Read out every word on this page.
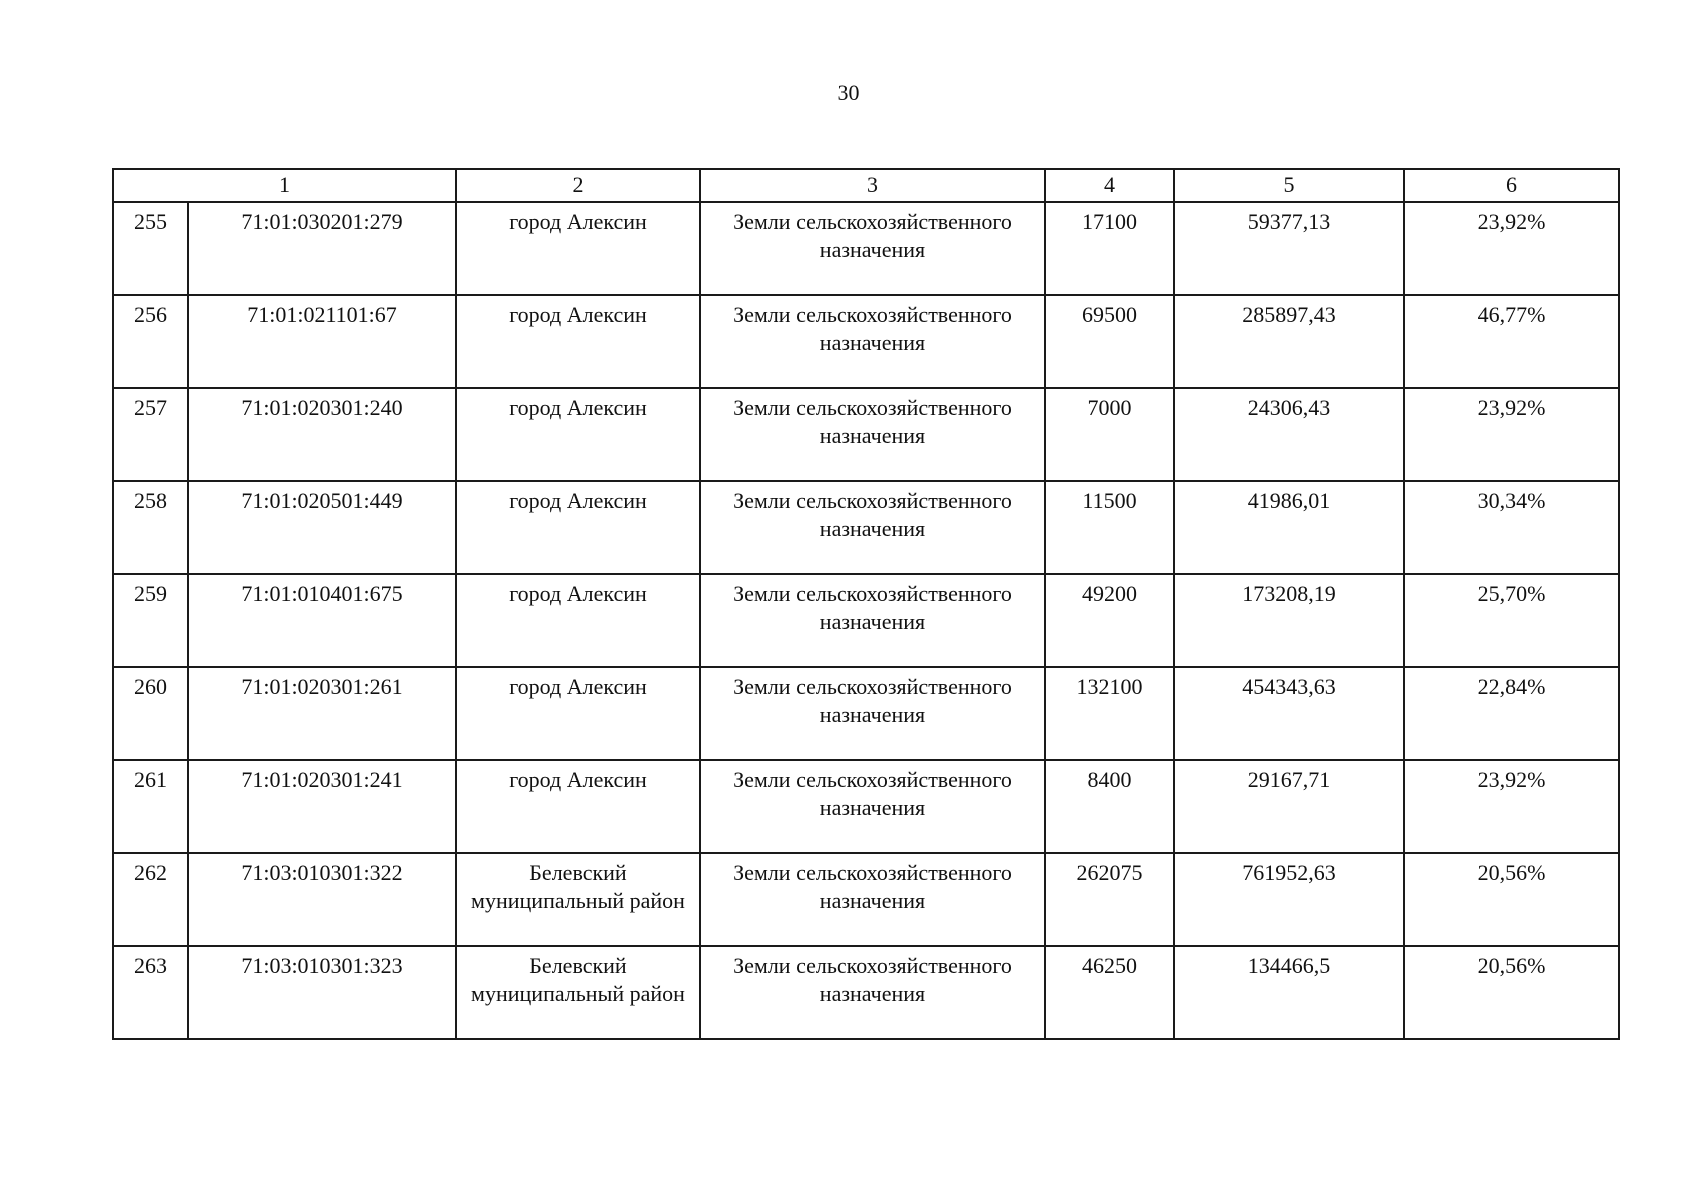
30
1		2	3	4	5	6
255	71:01:030201:279	город Алексин	Земли сельскохозяйственного назначения	17100	59377,13	23,92%
256	71:01:021101:67	город Алексин	Земли сельскохозяйственного назначения	69500	285897,43	46,77%
257	71:01:020301:240	город Алексин	Земли сельскохозяйственного назначения	7000	24306,43	23,92%
258	71:01:020501:449	город Алексин	Земли сельскохозяйственного назначения	11500	41986,01	30,34%
259	71:01:010401:675	город Алексин	Земли сельскохозяйственного назначения	49200	173208,19	25,70%
260	71:01:020301:261	город Алексин	Земли сельскохозяйственного назначения	132100	454343,63	22,84%
261	71:01:020301:241	город Алексин	Земли сельскохозяйственного назначения	8400	29167,71	23,92%
262	71:03:010301:322	Белевский муниципальный район	Земли сельскохозяйственного назначения	262075	761952,63	20,56%
263	71:03:010301:323	Белевский муниципальный район	Земли сельскохозяйственного назначения	46250	134466,5	20,56%
